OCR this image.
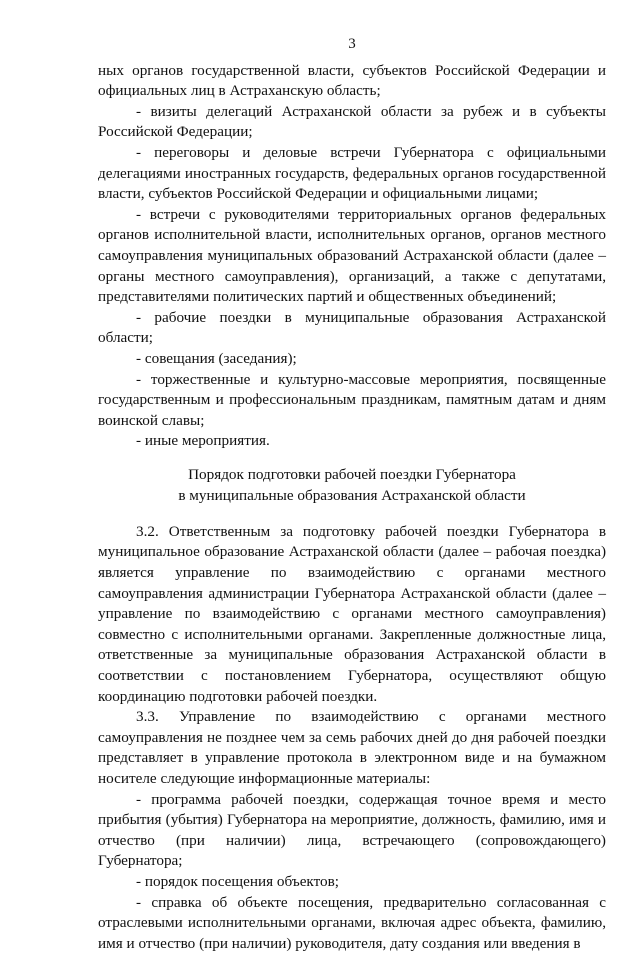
3

ных органов государственной власти, субъектов Российской Федерации и официальных лиц в Астраханскую область;

- визиты делегаций Астраханской области за рубеж и в субъекты Российской Федерации;

- переговоры и деловые встречи Губернатора с официальными делегациями иностранных государств, федеральных органов государственной власти, субъектов Российской Федерации и официальными лицами;

- встречи с руководителями территориальных органов федеральных органов исполнительной власти, исполнительных органов, органов местного самоуправления муниципальных образований Астраханской области (далее – органы местного самоуправления), организаций, а также с депутатами, представителями политических партий и общественных объединений;

- рабочие поездки в муниципальные образования Астраханской области;

- совещания (заседания);

- торжественные и культурно-массовые мероприятия, посвященные государственным и профессиональным праздникам, памятным датам и дням воинской славы;

- иные мероприятия.

Порядок подготовки рабочей поездки Губернатора
в муниципальные образования Астраханской области

3.2. Ответственным за подготовку рабочей поездки Губернатора в муниципальное образование Астраханской области (далее – рабочая поездка) является управление по взаимодействию с органами местного самоуправления администрации Губернатора Астраханской области (далее – управление по взаимодействию с органами местного самоуправления) совместно с исполнительными органами. Закрепленные должностные лица, ответственные за муниципальные образования Астраханской области в соответствии с постановлением Губернатора, осуществляют общую координацию подготовки рабочей поездки.

3.3. Управление по взаимодействию с органами местного самоуправления не позднее чем за семь рабочих дней до дня рабочей поездки представляет в управление протокола в электронном виде и на бумажном носителе следующие информационные материалы:

- программа рабочей поездки, содержащая точное время и место прибытия (убытия) Губернатора на мероприятие, должность, фамилию, имя и отчество (при наличии) лица, встречающего (сопровождающего) Губернатора;

- порядок посещения объектов;

- справка об объекте посещения, предварительно согласованная с отраслевыми исполнительными органами, включая адрес объекта, фамилию, имя и отчество (при наличии) руководителя, дату создания или введения в
